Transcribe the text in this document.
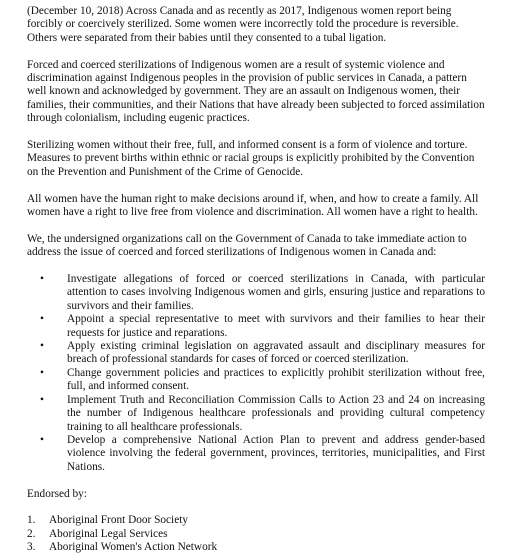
(December 10, 2018) Across Canada and as recently as 2017, Indigenous women report being forcibly or coercively sterilized. Some women were incorrectly told the procedure is reversible. Others were separated from their babies until they consented to a tubal ligation.

Forced and coerced sterilizations of Indigenous women are a result of systemic violence and discrimination against Indigenous peoples in the provision of public services in Canada, a pattern well known and acknowledged by government. They are an assault on Indigenous women, their families, their communities, and their Nations that have already been subjected to forced assimilation through colonialism, including eugenic practices.

Sterilizing women without their free, full, and informed consent is a form of violence and torture. Measures to prevent births within ethnic or racial groups is explicitly prohibited by the Convention on the Prevention and Punishment of the Crime of Genocide.

All women have the human right to make decisions around if, when, and how to create a family. All women have a right to live free from violence and discrimination. All women have a right to health.

We, the undersigned organizations call on the Government of Canada to take immediate action to address the issue of coerced and forced sterilizations of Indigenous women in Canada and:

• Investigate allegations of forced or coerced sterilizations in Canada, with particular attention to cases involving Indigenous women and girls, ensuring justice and reparations to survivors and their families.
• Appoint a special representative to meet with survivors and their families to hear their requests for justice and reparations.
• Apply existing criminal legislation on aggravated assault and disciplinary measures for breach of professional standards for cases of forced or coerced sterilization.
• Change government policies and practices to explicitly prohibit sterilization without free, full, and informed consent.
• Implement Truth and Reconciliation Commission Calls to Action 23 and 24 on increasing the number of Indigenous healthcare professionals and providing cultural competency training to all healthcare professionals.
• Develop a comprehensive National Action Plan to prevent and address gender-based violence involving the federal government, provinces, territories, municipalities, and First Nations.

Endorsed by:

1. Aboriginal Front Door Society
2. Aboriginal Legal Services
3. Aboriginal Women's Action Network
